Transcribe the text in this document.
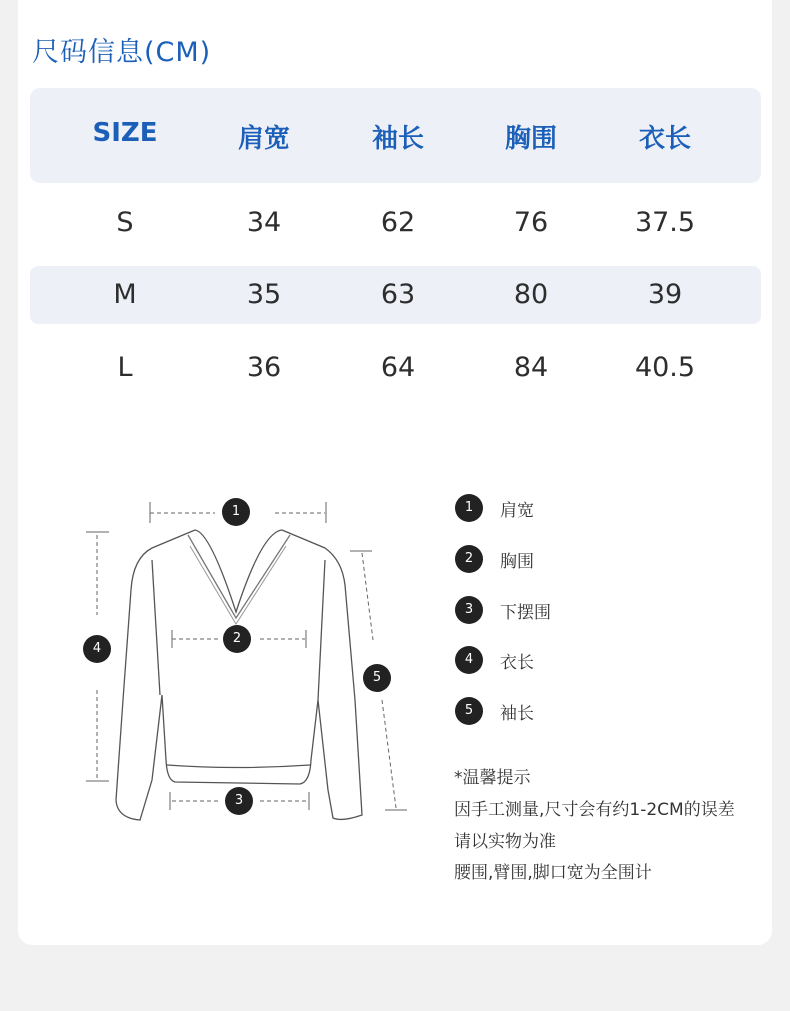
尺码信息(CM)
SIZE	肩宽	袖长	胸围	衣长
S	34	62	76	37.5
M	35	63	80	39
L	36	64	84	40.5
1
2
3
4
5
1	肩宽
2	胸围
3	下摆围
4	衣长
5	袖长
*温馨提示
因手工测量,尺寸会有约1-2CM的误差
请以实物为准
腰围,臂围,脚口宽为全围计
